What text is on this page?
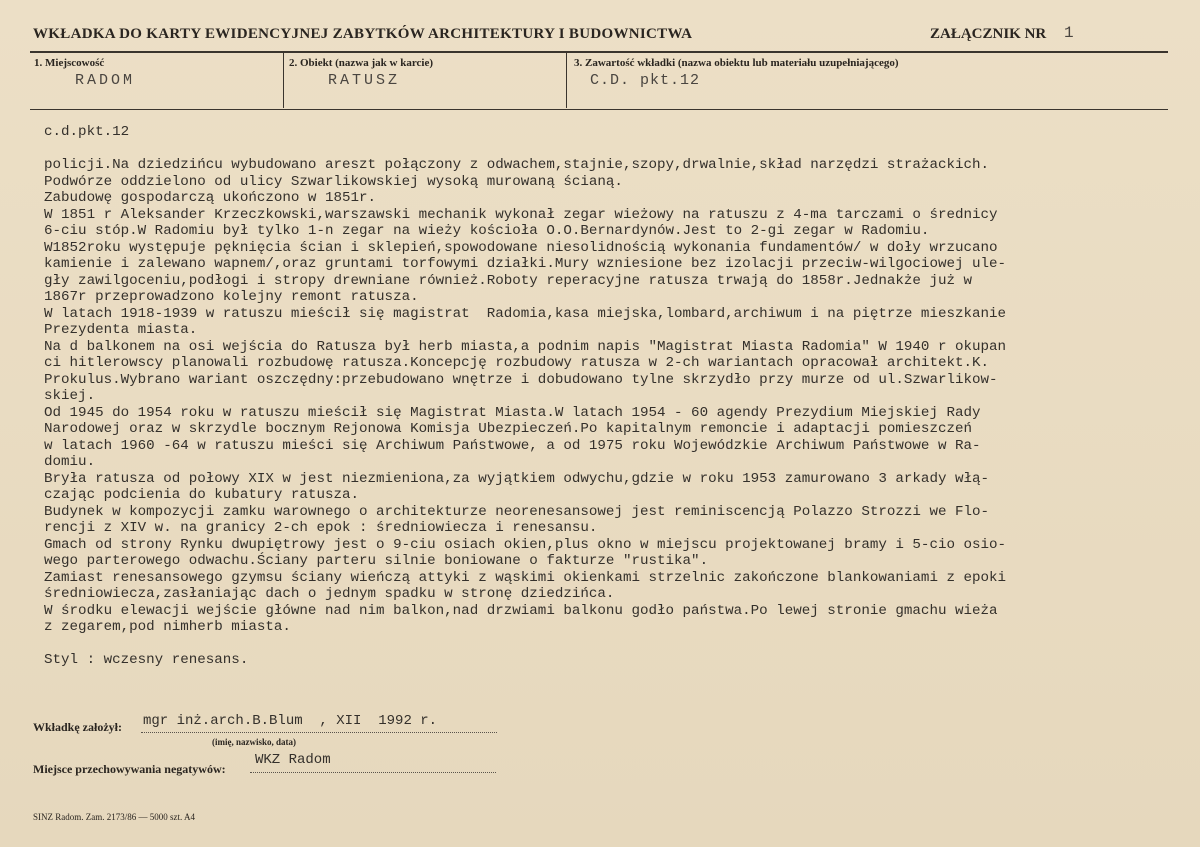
WKŁADKA DO KARTY EWIDENCYJNEJ ZABYTKÓW ARCHITEKTURY I BUDOWNICTWA	ZAŁĄCZNIK NR 1
1. Miejscowość
RADOM
2. Obiekt (nazwa jak w karcie)
RATUSZ
3. Zawartość wkładki (nazwa obiektu lub materiału uzupełniającego)
C.D. pkt.12
c.d.pkt.12
policji.Na dziedzińcu wybudowano areszt połączony z odwachem,stajnie,szopy,drwalnie,skład narzędzi strażackich.
Podwórze oddzielono od ulicy Szwarlikowskiej wysoką murowaną ścianą.
Zabudowę gospodarczą ukończono w 1851r.
W 1851 r Aleksander Krzeczkowski,warszawski mechanik wykonał zegar wieżowy na ratuszu z 4-ma tarczami o średnicy
6-ciu stóp.W Radomiu był tylko 1-n zegar na wieży kościoła O.O.Bernardynów.Jest to 2-gi zegar w Radomiu.
W1852roku występuje pęknięcia ścian i sklepień,spowodowane niesolidnością wykonania fundamentów/ w doły wrzucano
kamienie i zalewano wapnem/,oraz gruntami torfowymi działki.Mury wzniesione bez izolacji przeciw-wilgociowej ule-
gły zawilgoceniu,podłogi i stropy drewniane również.Roboty reperacyjne ratusza trwają do 1858r.Jednakże już w
1867r przeprowadzono kolejny remont ratusza.
W latach 1918-1939 w ratuszu mieścił się magistrat  Radomia,kasa miejska,lombard,archiwum i na piętrze mieszkanie
Prezydenta miasta.
Na d balkonem na osi wejścia do Ratusza był herb miasta,a podnim napis "Magistrat Miasta Radomia" W 1940 r okupan
ci hitlerowscy planowali rozbudowę ratusza.Koncepcję rozbudowy ratusza w 2-ch wariantach opracował architekt.K.
Prokulus.Wybrano wariant oszczędny:przebudowano wnętrze i dobudowano tylne skrzydło przy murze od ul.Szwarlikow-
skiej.
Od 1945 do 1954 roku w ratuszu mieścił się Magistrat Miasta.W latach 1954 - 60 agendy Prezydium Miejskiej Rady
Narodowej oraz w skrzydle bocznym Rejonowa Komisja Ubezpieczeń.Po kapitalnym remoncie i adaptacji pomieszczeń
w latach 1960 -64 w ratuszu mieści się Archiwum Państwowe, a od 1975 roku Wojewódzkie Archiwum Państwowe w Ra-
domiu.
Bryła ratusza od połowy XIX w jest niezmieniona,za wyjątkiem odwychu,gdzie w roku 1953 zamurowano 3 arkady włą-
czając podcienia do kubatury ratusza.
Budynek w kompozycji zamku warownego o architekturze neorenesansowej jest reminiscencją Polazzo Strozzi we Flo-
rencji z XIV w. na granicy 2-ch epok : średniowiecza i renesansu.
Gmach od strony Rynku dwupiętrowy jest o 9-ciu osiach okien,plus okno w miejscu projektowanej bramy i 5-cio osio-
wego parterowego odwachu.Ściany parteru silnie boniowane o fakturze "rustika".
Zamiast renesansowego gzymsu ściany wieńczą attyki z wąskimi okienkami strzelnic zakończone blankowaniami z epoki
średniowiecza,zasłaniając dach o jednym spadku w stronę dziedzińca.
W środku elewacji wejście główne nad nim balkon,nad drzwiami balkonu godło państwa.Po lewej stronie gmachu wieża
z zegarem,pod nimherb miasta.
Styl : wczesny renesans.
Wkładkę założył: mgr inż.arch.B.Blum  , XII  1992 r.
(imię, nazwisko, data)
Miejsce przechowywania negatywów:
WKZ Radom
SINZ Radom. Zam. 2173/86 — 5000 szt. A4
